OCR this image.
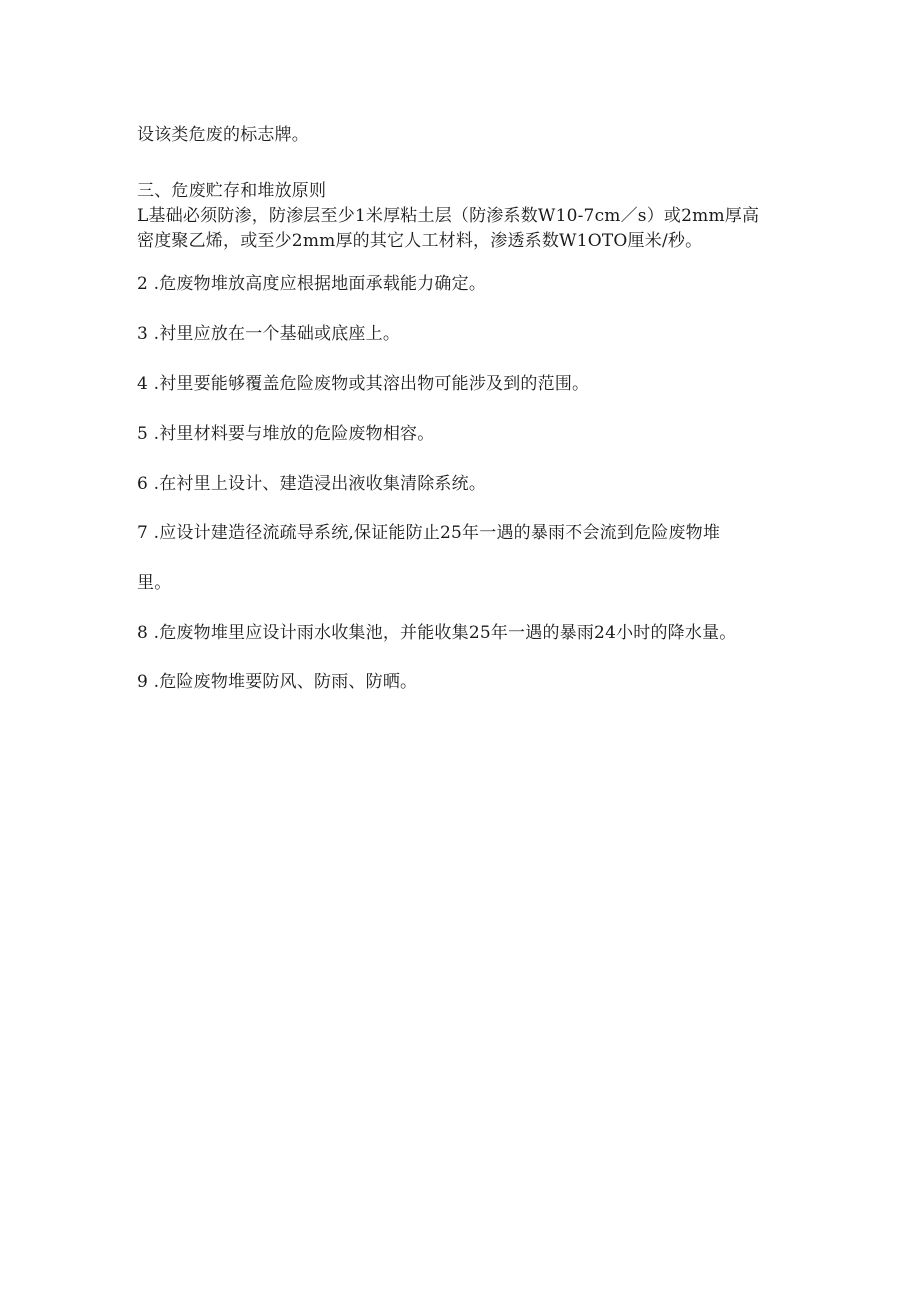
设该类危废的标志牌。
三、危废贮存和堆放原则
L基础必须防渗，防渗层至少1米厚粘土层（防渗系数W10-7cm／s）或2mm厚高
密度聚乙烯，或至少2mm厚的其它人工材料，渗透系数W1OTO厘米/秒。
2 .危废物堆放高度应根据地面承载能力确定。
3 .衬里应放在一个基础或底座上。
4 .衬里要能够覆盖危险废物或其溶出物可能涉及到的范围。
5 .衬里材料要与堆放的危险废物相容。
6 .在衬里上设计、建造浸出液收集清除系统。
7 .应设计建造径流疏导系统,保证能防止25年一遇的暴雨不会流到危险废物堆
里。
8 .危废物堆里应设计雨水收集池，并能收集25年一遇的暴雨24小时的降水量。
9 .危险废物堆要防风、防雨、防晒。
